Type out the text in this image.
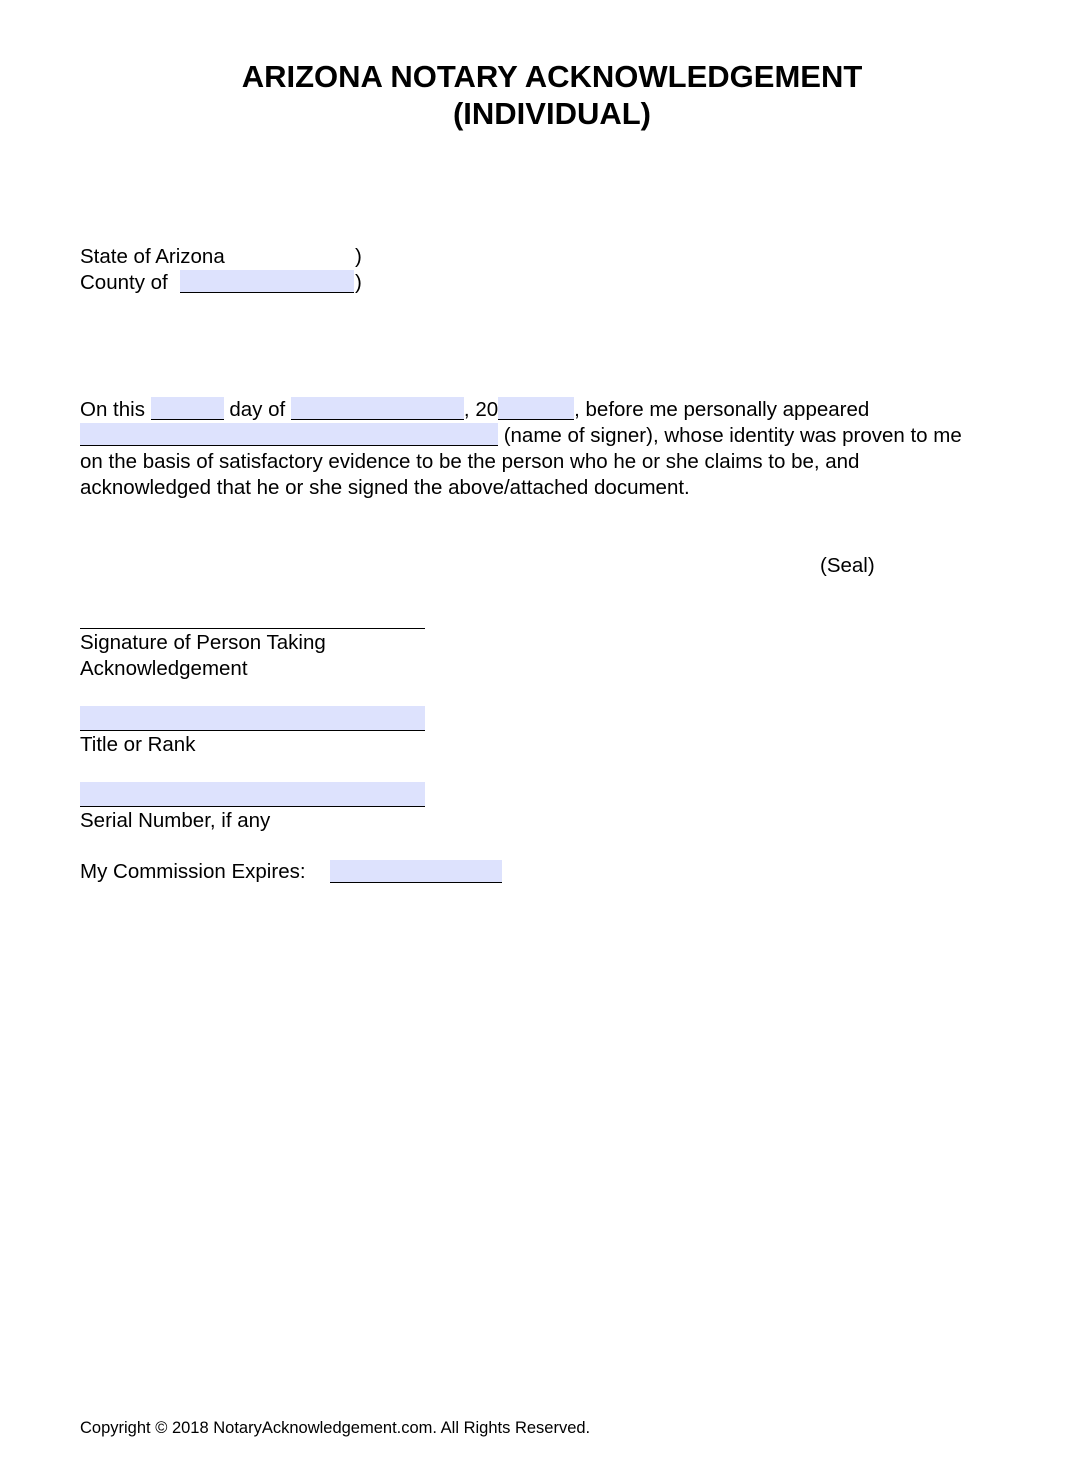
ARIZONA NOTARY ACKNOWLEDGEMENT
(INDIVIDUAL)
State of Arizona	)
County of	)
On this	day of	, 20	, before me personally appeared
(name of signer), whose identity was proven to me
on the basis of satisfactory evidence to be the person who he or she claims to be, and
acknowledged that he or she signed the above/attached document.
(Seal)
Signature of Person Taking
Acknowledgement
Title or Rank
Serial Number, if any
My Commission Expires:
Copyright © 2018 NotaryAcknowledgement.com. All Rights Reserved.
